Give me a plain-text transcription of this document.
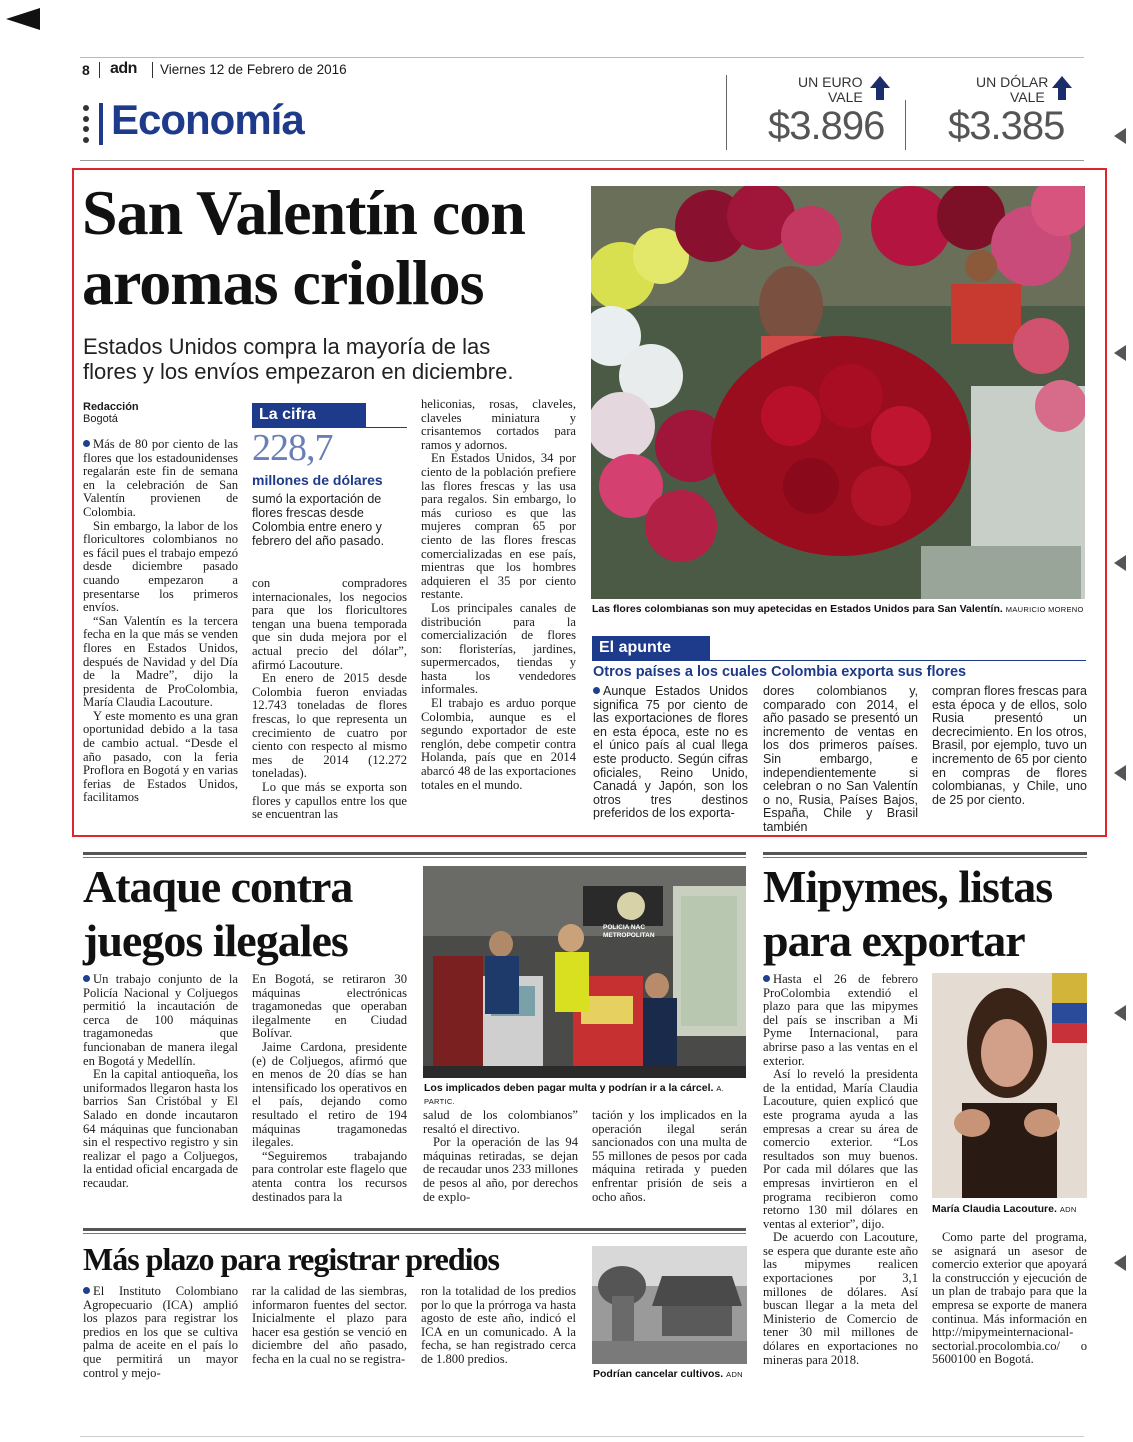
8 adn Viernes 12 de Febrero de 2016
Economía
UN EURO
VALE
$3.896
UN DÓLAR
VALE
$3.385
San Valentín con
aromas criollos
Estados Unidos compra la mayoría de las
flores y los envíos empezaron en diciembre.
Redacción
Bogotá

Más de 80 por ciento de las flores que los estadounidenses regalarán este fin de semana en la celebración de San Valentín provienen de Colombia.

Sin embargo, la labor de los floricultores colombianos no es fácil pues el trabajo empezó desde diciembre pasado cuando empezaron a presentarse los primeros envíos.

“San Valentín es la tercera fecha en la que más se venden flores en Estados Unidos, después de Navidad y del Día de la Madre”, dijo la presidenta de ProColombia, María Claudia Lacouture.

Y este momento es una gran oportunidad debido a la tasa de cambio actual. “Desde el año pasado, con la feria Proflora en Bogotá y en varias ferias de Estados Unidos, facilitamos

La cifra
228,7
millones de dólares
sumó la exportación de flores frescas desde Colombia entre enero y febrero del año pasado.

con compradores internacionales, los negocios para que los floricultores tengan una buena temporada que sin duda mejora por el actual precio del dólar”, afirmó Lacouture.

En enero de 2015 desde Colombia fueron enviadas 12.743 toneladas de flores frescas, lo que representa un crecimiento de cuatro por ciento con respecto al mismo mes de 2014 (12.272 toneladas).

Lo que más se exporta son flores y capullos entre los que se encuentran las

heliconias, rosas, claveles, claveles miniatura y crisantemos cortados para ramos y adornos.

En Estados Unidos, 34 por ciento de la población prefiere las flores frescas y las usa para regalos. Sin embargo, lo más curioso es que las mujeres compran 65 por ciento de las flores frescas comercializadas en ese país, mientras que los hombres adquieren el 35 por ciento restante.

Los principales canales de distribución para la comercialización de flores son: floristerías, jardines, supermercados, tiendas y hasta los vendedores informales.

El trabajo es arduo porque Colombia, aunque es el segundo exportador de este renglón, debe competir contra Holanda, país que en 2014 abarcó 48 de las exportaciones totales en el mundo.

Las flores colombianas son muy apetecidas en Estados Unidos para San Valentín. MAURICIO MORENO
El apunte
Otros países a los cuales Colombia exporta sus flores
Aunque Estados Unidos significa 75 por ciento de las exportaciones de flores en esta época, este no es el único país al cual llega este producto. Según cifras oficiales, Reino Unido, Canadá y Japón, son los otros tres destinos preferidos de los exporta-
dores colombianos y, comparado con 2014, el año pasado se presentó un incremento de ventas en los dos primeros países. Sin embargo, e independientemente si celebran o no San Valentín o no, Rusia, Países Bajos, España, Chile y Brasil también
compran flores frescas para esta época y de ellos, solo Rusia presentó un decrecimiento. En los otros, Brasil, por ejemplo, tuvo un incremento de 65 por ciento en compras de flores colombianas, y Chile, uno de 25 por ciento.
Ataque contra
juegos ilegales

Un trabajo conjunto de la Policía Nacional y Coljuegos permitió la incautación de cerca de 100 máquinas tragamonedas que funcionaban de manera ilegal en Bogotá y Medellín.

En la capital antioqueña, los uniformados llegaron hasta los barrios San Cristóbal y El Salado en donde incautaron 64 máquinas que funcionaban sin el respectivo registro y sin realizar el pago a Coljuegos, la entidad oficial encargada de recaudar.

En Bogotá, se retiraron 30 máquinas electrónicas tragamonedas que operaban ilegalmente en Ciudad Bolívar.

Jaime Cardona, presidente (e) de Coljuegos, afirmó que en menos de 20 días se han intensificado los operativos en el país, dejando como resultado el retiro de 194 máquinas tragamonedas ilegales.

“Seguiremos trabajando para controlar este flagelo que atenta contra los recursos destinados para la

POLICIA NAC METROPOLITAN
Los implicados deben pagar multa y podrían ir a la cárcel. A. PARTIC.

salud de los colombianos” resaltó el directivo.

Por la operación de las 94 máquinas retiradas, se dejan de recaudar unos 233 millones de pesos al año, por derechos de explo-

tación y los implicados en la operación ilegal serán sancionados con una multa de 55 millones de pesos por cada máquina retirada y pueden enfrentar prisión de seis a ocho años.

Mipymes, listas
para exportar

Hasta el 26 de febrero ProColombia extendió el plazo para que las mipymes del país se inscriban a Mi Pyme Internacional, para abrirse paso a las ventas en el exterior.

Así lo reveló la presidenta de la entidad, María Claudia Lacouture, quien explicó que este programa ayuda a las empresas a crear su área de comercio exterior. “Los resultados son muy buenos. Por cada mil dólares que las empresas invirtieron en el programa recibieron como retorno 130 mil dólares en ventas al exterior”, dijo.

De acuerdo con Lacouture, se espera que durante este año las mipymes realicen exportaciones por 3,1 millones de dólares. Así buscan llegar a la meta del Ministerio de Comercio de tener 30 mil millones de dólares en exportaciones no mineras para 2018.

María Claudia Lacouture. ADN

Como parte del programa, se asignará un asesor de comercio exterior que apoyará la construcción y ejecución de un plan de trabajo para que la empresa se exporte de manera continua. Más información en http://mipymeinternacional-sectorial.procolombia.co/ o 5600100 en Bogotá.

Más plazo para registrar predios

El Instituto Colombiano Agropecuario (ICA) amplió los plazos para registrar los predios en los que se cultiva palma de aceite en el país lo que permitirá un mayor control y mejo-

rar la calidad de las siembras, informaron fuentes del sector. Inicialmente el plazo para hacer esa gestión se venció en diciembre del año pasado, fecha en la cual no se registra-

ron la totalidad de los predios por lo que la prórroga va hasta agosto de este año, indicó el ICA en un comunicado. A la fecha, se han registrado cerca de 1.800 predios.

Podrían cancelar cultivos. ADN
